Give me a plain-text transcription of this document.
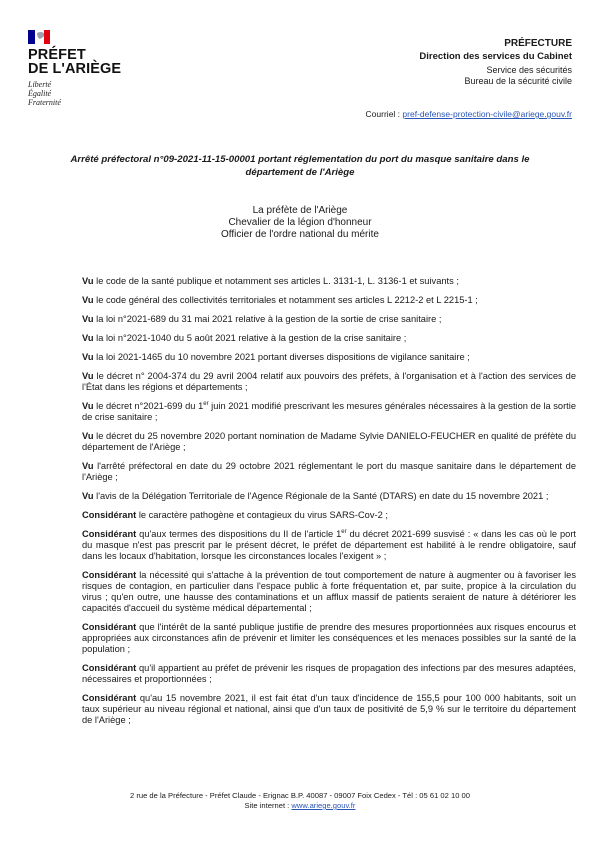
PRÉFET
DE L'ARIÈGE
Liberté
Égalité
Fraternité
PRÉFECTURE
Direction des services du Cabinet
Service des sécurités
Bureau de la sécurité civile
Courriel : pref-defense-protection-civile@ariege.gouv.fr
Arrêté préfectoral n°09-2021-11-15-00001 portant réglementation du port du masque sanitaire dans le
département de l'Ariège
La préfète de l'Ariège
Chevalier de la légion d'honneur
Officier de l'ordre national du mérite

Vu le code de la santé publique et notamment ses articles L. 3131-1, L. 3136-1 et suivants ;

Vu le code général des collectivités territoriales et notamment ses articles L 2212-2 et L 2215-1 ;

Vu la loi n°2021-689 du 31 mai 2021 relative à la gestion de la sortie de crise sanitaire ;

Vu la loi n°2021-1040 du 5 août 2021 relative à la gestion de la crise sanitaire ;

Vu la loi 2021-1465 du 10 novembre 2021 portant diverses dispositions de vigilance sanitaire ;

Vu le décret n° 2004-374 du 29 avril 2004 relatif aux pouvoirs des préfets, à l'organisation et à l'action des services de l'État dans les régions et départements ;

Vu le décret n°2021-699 du 1er juin 2021 modifié prescrivant les mesures générales nécessaires à la gestion de la sortie de crise sanitaire ;

Vu le décret du 25 novembre 2020 portant nomination de Madame Sylvie DANIELO-FEUCHER en qualité de préfète du département de l'Ariège ;

Vu l'arrêté préfectoral en date du 29 octobre 2021 réglementant le port du masque sanitaire dans le département de l'Ariège ;

Vu l'avis de la Délégation Territoriale de l'Agence Régionale de la Santé (DTARS) en date du 15 novembre 2021 ;

Considérant le caractère pathogène et contagieux du virus SARS-Cov-2 ;

Considérant qu'aux termes des dispositions du II de l'article 1er du décret 2021-699 susvisé : « dans les cas où le port du masque n'est pas prescrit par le présent décret, le préfet de département est habilité à le rendre obligatoire, sauf dans les locaux d'habitation, lorsque les circonstances locales l'exigent » ;

Considérant la nécessité qui s'attache à la prévention de tout comportement de nature à augmenter ou à favoriser les risques de contagion, en particulier dans l'espace public à forte fréquentation et, par suite, propice à la circulation du virus ; qu'en outre, une hausse des contaminations et un afflux massif de patients seraient de nature à détériorer les capacités d'accueil du système médical départemental ;

Considérant que l'intérêt de la santé publique justifie de prendre des mesures proportionnées aux risques encourus et appropriées aux circonstances afin de prévenir et limiter les conséquences et les menaces possibles sur la santé de la population ;

Considérant qu'il appartient au préfet de prévenir les risques de propagation des infections par des mesures adaptées, nécessaires et proportionnées ;

Considérant qu'au 15 novembre 2021, il est fait état d'un taux d'incidence de 155,5 pour 100 000 habitants, soit un taux supérieur au niveau régional et national, ainsi que d'un taux de positivité de 5,9 % sur le territoire du département de l'Ariège ;

2 rue de la Préfecture - Préfet Claude - Erignac B.P. 40087 - 09007 Foix Cedex - Tél : 05 61 02 10 00
Site internet : www.ariege.gouv.fr
